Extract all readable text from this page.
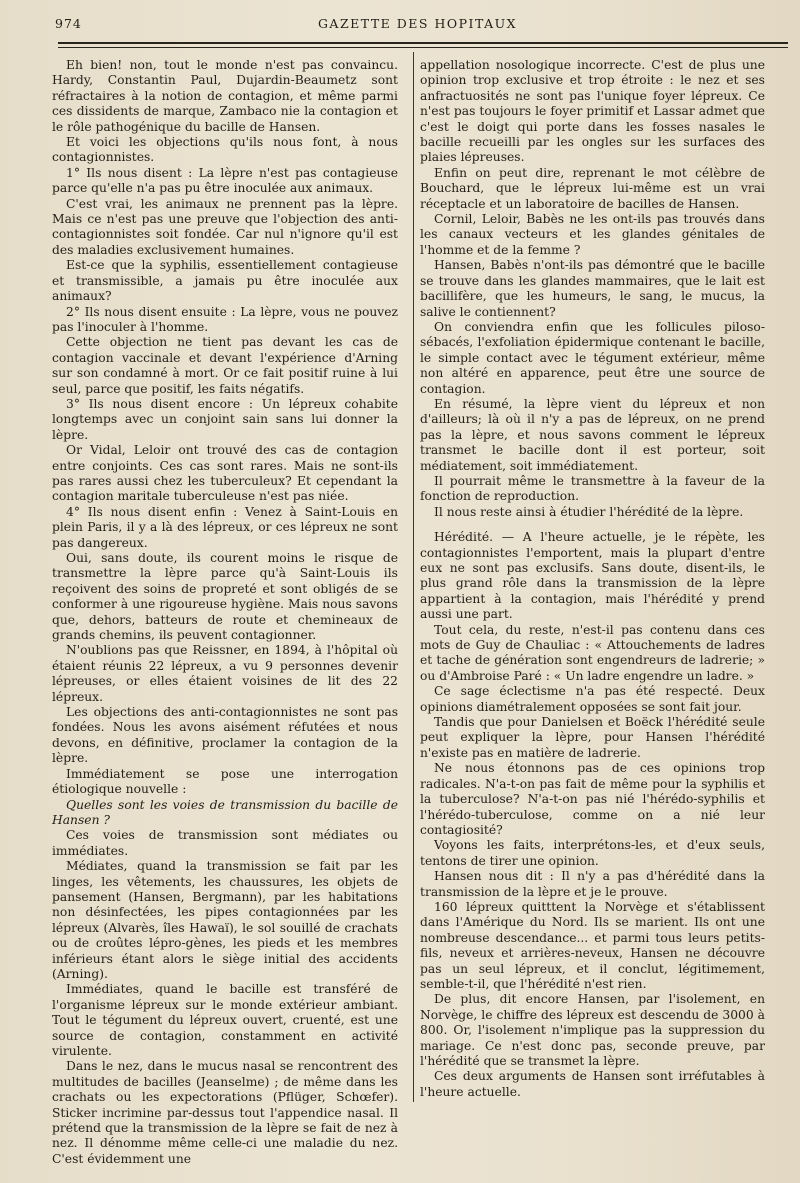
974	GAZETTE DES HOPITAUX

Eh bien! non, tout le monde n'est pas convaincu. Hardy, Constantin Paul, Dujardin-Beaumetz sont réfractaires à la notion de contagion, et même parmi ces dissidents de marque, Zambaco nie la contagion et le rôle pathogénique du bacille de Hansen.

Et voici les objections qu'ils nous font, à nous contagionnistes.

1° Ils nous disent : La lèpre n'est pas contagieuse parce qu'elle n'a pas pu être inoculée aux animaux.

C'est vrai, les animaux ne prennent pas la lèpre. Mais ce n'est pas une preuve que l'objection des anti-contagionnistes soit fondée. Car nul n'ignore qu'il est des maladies exclusivement humaines.

Est-ce que la syphilis, essentiellement contagieuse et transmissible, a jamais pu être inoculée aux animaux?

2° Ils nous disent ensuite : La lèpre, vous ne pouvez pas l'inoculer à l'homme.

Cette objection ne tient pas devant les cas de contagion vaccinale et devant l'expérience d'Arning sur son condamné à mort. Or ce fait positif ruine à lui seul, parce que positif, les faits négatifs.

3° Ils nous disent encore : Un lépreux cohabite longtemps avec un conjoint sain sans lui donner la lèpre.

Or Vidal, Leloir ont trouvé des cas de contagion entre conjoints. Ces cas sont rares. Mais ne sont-ils pas rares aussi chez les tuberculeux? Et cependant la contagion maritale tuberculeuse n'est pas niée.

4° Ils nous disent enfin : Venez à Saint-Louis en plein Paris, il y a là des lépreux, or ces lépreux ne sont pas dangereux.

Oui, sans doute, ils courent moins le risque de transmettre la lèpre parce qu'à Saint-Louis ils reçoivent des soins de propreté et sont obligés de se conformer à une rigoureuse hygiène. Mais nous savons que, dehors, batteurs de route et chemineaux de grands chemins, ils peuvent contagionner.

N'oublions pas que Reissner, en 1894, à l'hôpital où étaient réunis 22 lépreux, a vu 9 personnes devenir lépreuses, or elles étaient voisines de lit des 22 lépreux.

Les objections des anti-contagionnistes ne sont pas fondées. Nous les avons aisément réfutées et nous devons, en définitive, proclamer la contagion de la lèpre.

Immédiatement se pose une interrogation étiologique nouvelle :

Quelles sont les voies de transmission du bacille de Hansen ?

Ces voies de transmission sont médiates ou immédiates.

Médiates, quand la transmission se fait par les linges, les vêtements, les chaussures, les objets de pansement (Hansen, Bergmann), par les habitations non désinfectées, les pipes contagionnées par les lépreux (Alvarès, îles Hawaï), le sol souillé de crachats ou de croûtes lépro-gènes, les pieds et les membres inférieurs étant alors le siège initial des accidents (Arning).

Immédiates, quand le bacille est transféré de l'organisme lépreux sur le monde extérieur ambiant. Tout le tégument du lépreux ouvert, cruenté, est une source de contagion, constamment en activité virulente.

Dans le nez, dans le mucus nasal se rencontrent des multitudes de bacilles (Jeanselme) ; de même dans les crachats ou les expectorations (Pflüger, Schœfer). Sticker incrimine par-dessus tout l'appendice nasal. Il prétend que la transmission de la lèpre se fait de nez à nez. Il dénomme même celle-ci une maladie du nez. C'est évidemment une

appellation nosologique incorrecte. C'est de plus une opinion trop exclusive et trop étroite : le nez et ses anfractuosités ne sont pas l'unique foyer lépreux. Ce n'est pas toujours le foyer primitif et Lassar admet que c'est le doigt qui porte dans les fosses nasales le bacille recueilli par les ongles sur les surfaces des plaies lépreuses.

Enfin on peut dire, reprenant le mot célèbre de Bouchard, que le lépreux lui-même est un vrai réceptacle et un laboratoire de bacilles de Hansen.

Cornil, Leloir, Babès ne les ont-ils pas trouvés dans les canaux vecteurs et les glandes génitales de l'homme et de la femme ?

Hansen, Babès n'ont-ils pas démontré que le bacille se trouve dans les glandes mammaires, que le lait est bacillifère, que les humeurs, le sang, le mucus, la salive le contiennent?

On conviendra enfin que les follicules piloso-sébacés, l'exfoliation épidermique contenant le bacille, le simple contact avec le tégument extérieur, même non altéré en apparence, peut être une source de contagion.

En résumé, la lèpre vient du lépreux et non d'ailleurs; là où il n'y a pas de lépreux, on ne prend pas la lèpre, et nous savons comment le lépreux transmet le bacille dont il est porteur, soit médiatement, soit immédiatement.

Il pourrait même le transmettre à la faveur de la fonction de reproduction.

Il nous reste ainsi à étudier l'hérédité de la lèpre.

Hérédité. — A l'heure actuelle, je le répète, les contagionnistes l'emportent, mais la plupart d'entre eux ne sont pas exclusifs. Sans doute, disent-ils, le plus grand rôle dans la transmission de la lèpre appartient à la contagion, mais l'hérédité y prend aussi une part.

Tout cela, du reste, n'est-il pas contenu dans ces mots de Guy de Chauliac : « Attouchements de ladres et tache de génération sont engendreurs de ladrerie; » ou d'Ambroise Paré : « Un ladre engendre un ladre. »

Ce sage éclectisme n'a pas été respecté. Deux opinions diamétralement opposées se sont fait jour.

Tandis que pour Danielsen et Boëck l'hérédité seule peut expliquer la lèpre, pour Hansen l'hérédité n'existe pas en matière de ladrerie.

Ne nous étonnons pas de ces opinions trop radicales. N'a-t-on pas fait de même pour la syphilis et la tuberculose? N'a-t-on pas nié l'hérédo-syphilis et l'hérédo-tuberculose, comme on a nié leur contagiosité?

Voyons les faits, interprétons-les, et d'eux seuls, tentons de tirer une opinion.

Hansen nous dit : Il n'y a pas d'hérédité dans la transmission de la lèpre et je le prouve.

160 lépreux quitttent la Norvège et s'établissent dans l'Amérique du Nord. Ils se marient. Ils ont une nombreuse descendance... et parmi tous leurs petits-fils, neveux et arrières-neveux, Hansen ne découvre pas un seul lépreux, et il conclut, légitimement, semble-t-il, que l'hérédité n'est rien.

De plus, dit encore Hansen, par l'isolement, en Norvège, le chiffre des lépreux est descendu de 3000 à 800. Or, l'isolement n'implique pas la suppression du mariage. Ce n'est donc pas, seconde preuve, par l'hérédité que se transmet la lèpre.

Ces deux arguments de Hansen sont irréfutables à l'heure actuelle.
